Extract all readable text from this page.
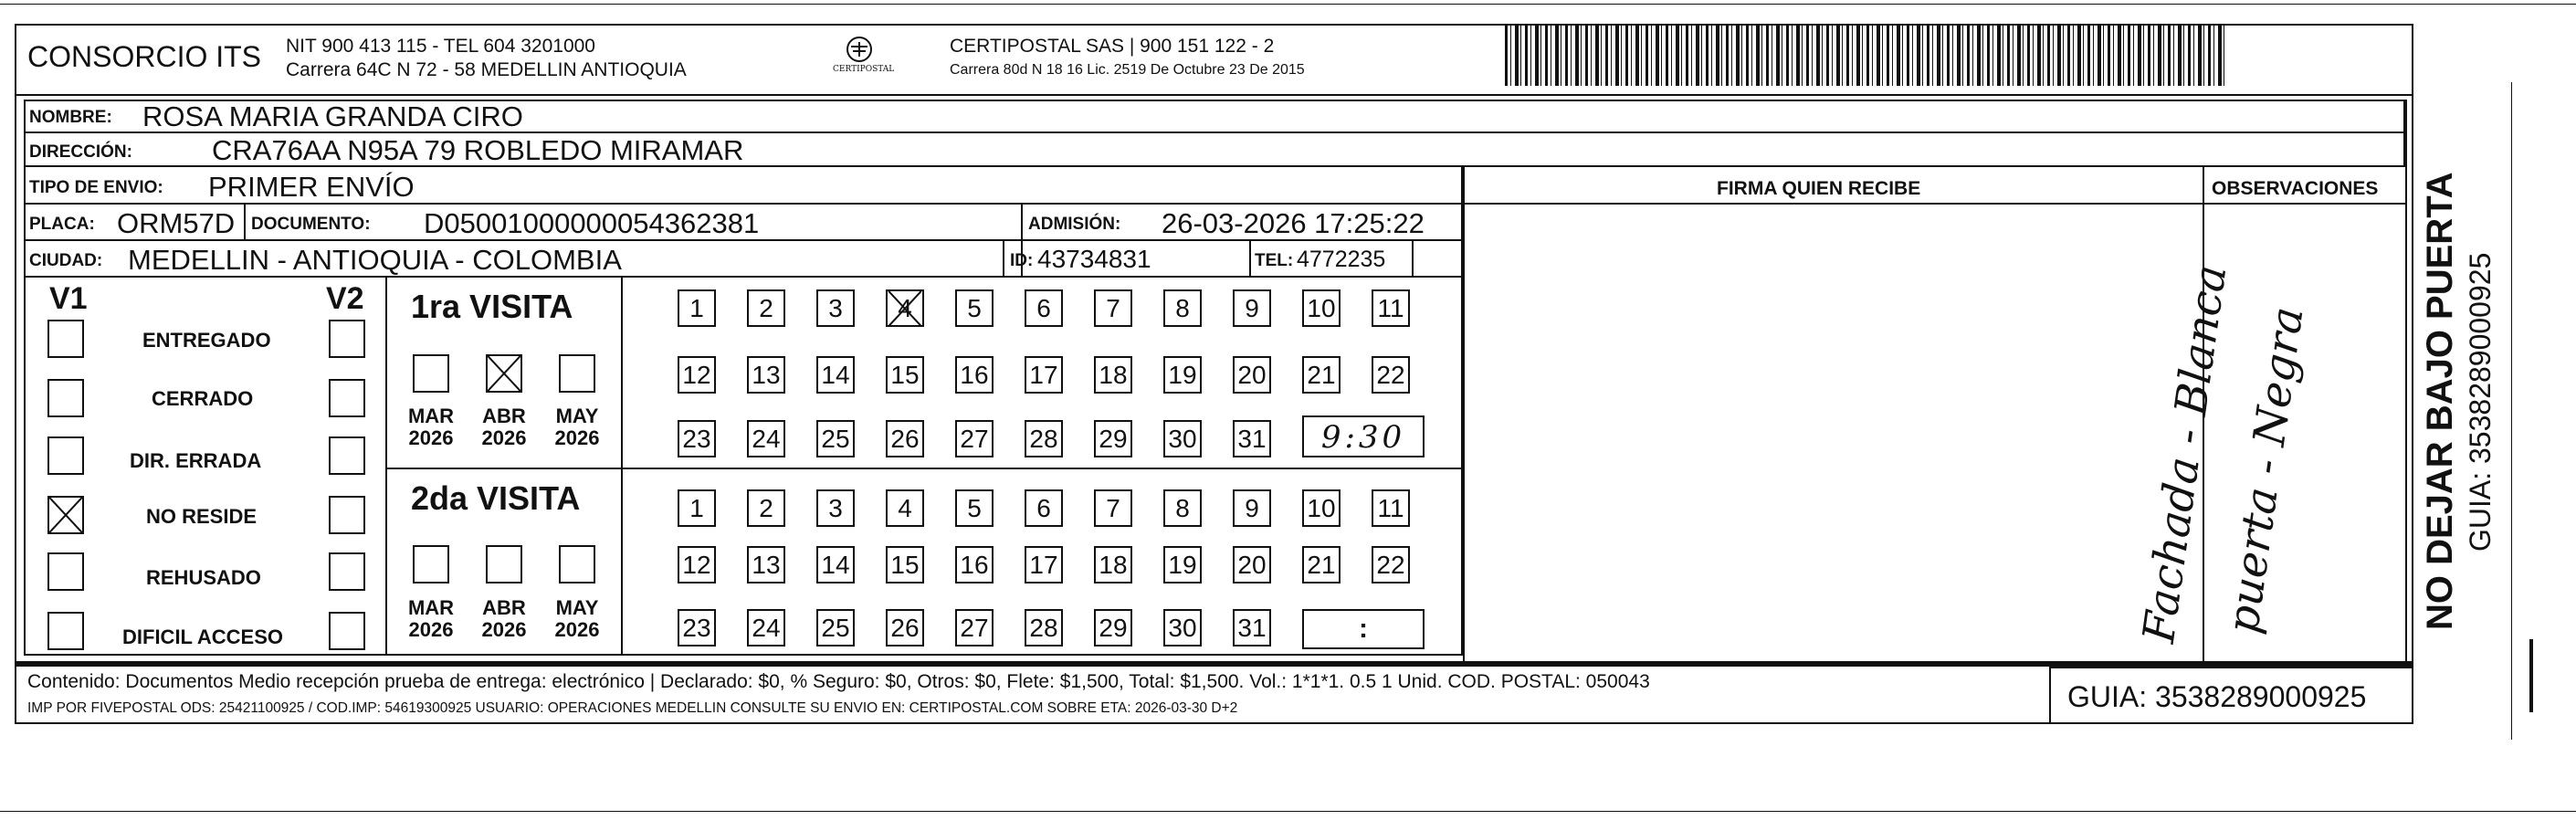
CONSORCIO ITS NIT 900 413 115 - TEL 604 3201000
Carrera 64C N 72 - 58 MEDELLIN ANTIOQUIA	CERTIPOSTAL
CERTIPOSTAL SAS | 900 151 122 - 2
Carrera 80d N 18 16 Lic. 2519 De Octubre 23 De 2015
NOMBRE: ROSA MARIA GRANDA CIRO
DIRECCIÓN:	CRA76AA N95A 79 ROBLEDO MIRAMAR
TIPO DE ENVIO: PRIMER ENVÍO
PLACA: ORM57D DOCUMENTO: D05001000000054362381	ADMISIÓN: 26-03-2026 17:25:22
CIUDAD: MEDELLIN - ANTIOQUIA - COLOMBIA	ID: 43734831	TEL: 4772235
V1	V2
ENTREGADO
CERRADO
DIR. ERRADA
NO RESIDE
REHUSADO
DIFICIL ACCESO
1ra VISITA
MAR
2026
ABR
2026
MAY
2026
1	2	3	4	5	6	7	8	9	10 11
12 13 14 15 16 17 18 19 20 21 22
23 24 25 26 27 28 29 30 31	9:30
2da VISITA
MAR
2026
ABR
2026
MAY
2026
1	2	3	4	5	6	7	8	9	10 11
12 13 14 15 16 17 18 19 20 21 22
23 24 25 26 27 28 29 30 31	:
FIRMA QUIEN RECIBE	OBSERVACIONES
Fachada - Blanca
puerta - Negra
Contenido: Documentos Medio recepción prueba de entrega: electrónico | Declarado: $0, % Seguro: $0, Otros: $0, Flete: $1,500, Total: $1,500. Vol.: 1*1*1. 0.5 1 Unid. COD. POSTAL: 050043
IMP POR FIVEPOSTAL ODS: 25421100925 / COD.IMP: 54619300925 USUARIO: OPERACIONES MEDELLIN CONSULTE SU ENVIO EN: CERTIPOSTAL.COM SOBRE ETA: 2026-03-30 D+2	GUIA: 3538289000925
NO DEJAR BAJO PUERTA GUIA: 3538289000925
